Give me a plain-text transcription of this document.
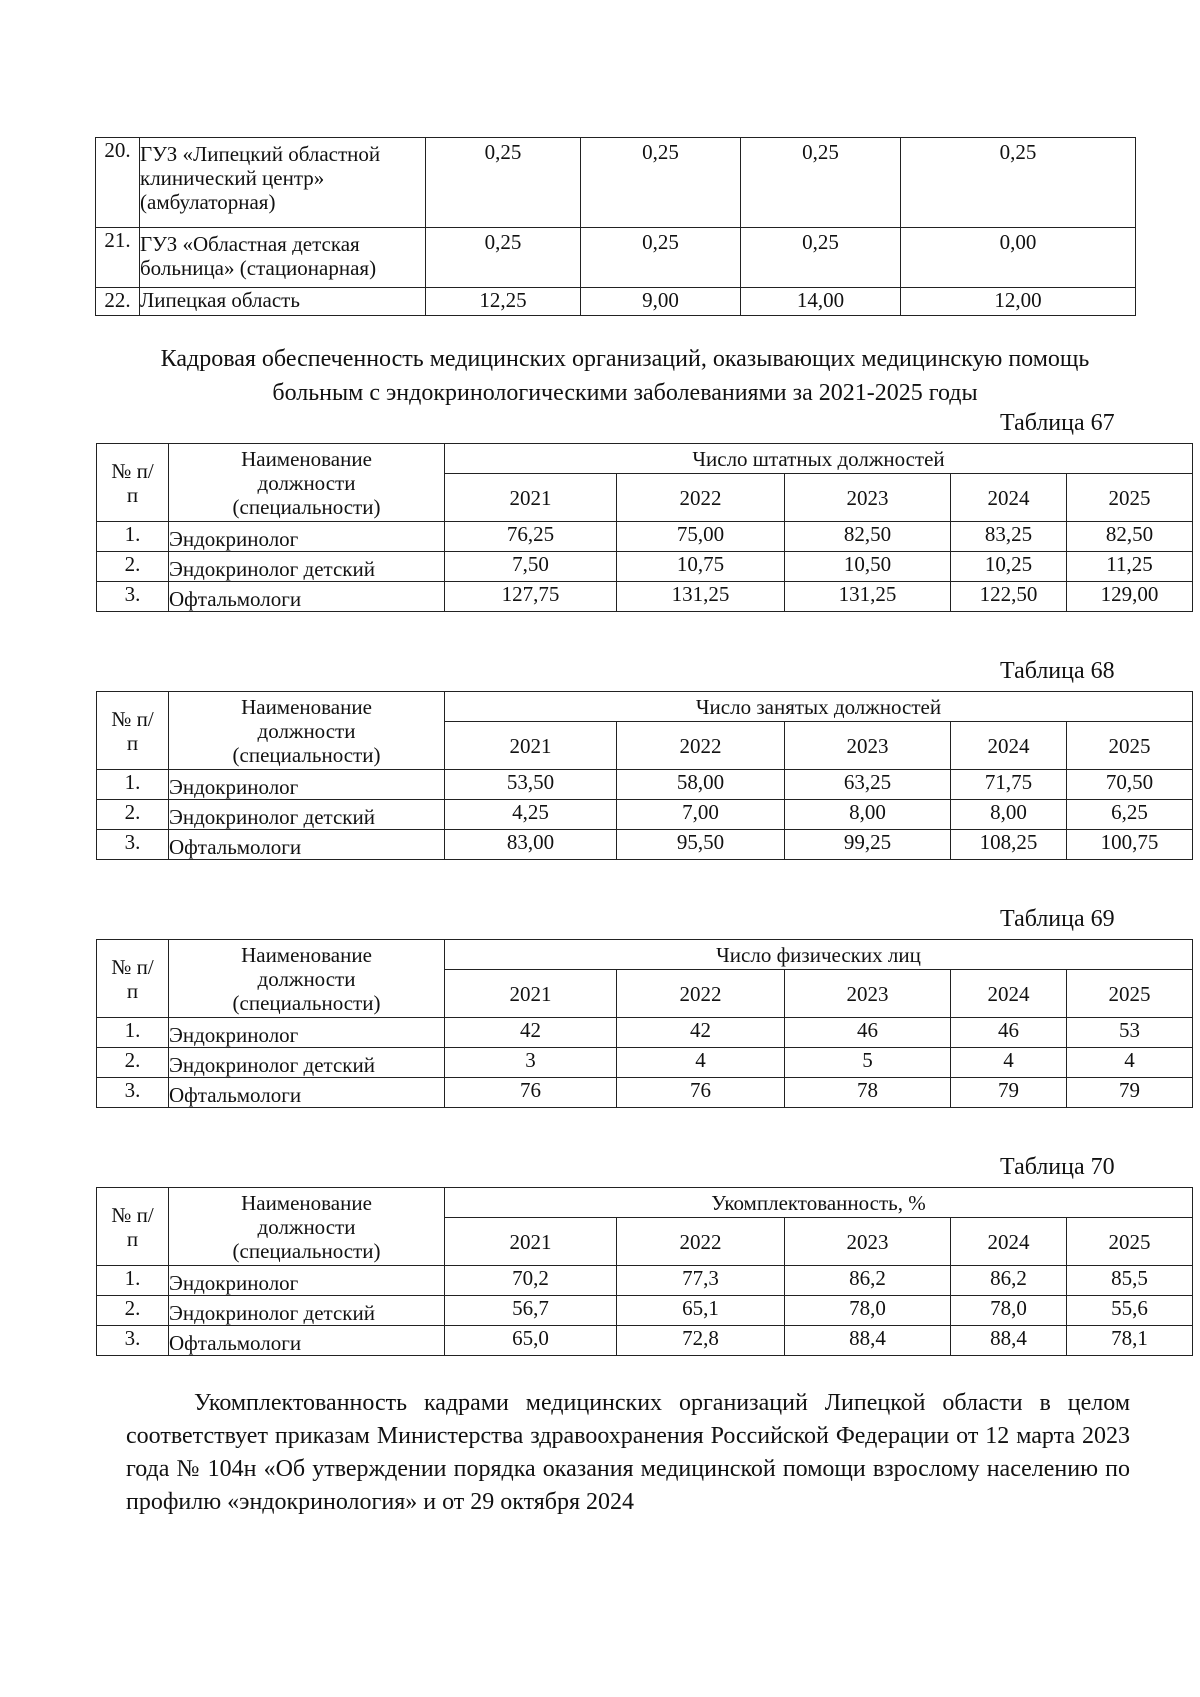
20.	ГУЗ «Липецкий областной клинический центр» (амбулаторная)	0,25	0,25	0,25	0,25
21.	ГУЗ «Областная детская больница» (стационарная)	0,25	0,25	0,25	0,00
22.	Липецкая область	12,25	9,00	14,00	12,00
Кадровая обеспеченность медицинских организаций, оказывающих медицинскую помощь больным с эндокринологическими заболеваниями за 2021-2025 годы
Таблица 67
№ п/п	Наименование должности (специальности)	Число штатных должностей				
		2021	2022	2023	2024	2025
1.	Эндокринолог	76,25	75,00	82,50	83,25	82,50
2.	Эндокринолог детский	7,50	10,75	10,50	10,25	11,25
3.	Офтальмологи	127,75	131,25	131,25	122,50	129,00
Таблица 68
№ п/п	Наименование должности (специальности)	Число занятых должностей				
		2021	2022	2023	2024	2025
1.	Эндокринолог	53,50	58,00	63,25	71,75	70,50
2.	Эндокринолог детский	4,25	7,00	8,00	8,00	6,25
3.	Офтальмологи	83,00	95,50	99,25	108,25	100,75
Таблица 69
№ п/п	Наименование должности (специальности)	Число физических лиц				
		2021	2022	2023	2024	2025
1.	Эндокринолог	42	42	46	46	53
2.	Эндокринолог детский	3	4	5	4	4
3.	Офтальмологи	76	76	78	79	79
Таблица 70
№ п/п	Наименование должности (специальности)	Укомплектованность, %				
		2021	2022	2023	2024	2025
1.	Эндокринолог	70,2	77,3	86,2	86,2	85,5
2.	Эндокринолог детский	56,7	65,1	78,0	78,0	55,6
3.	Офтальмологи	65,0	72,8	88,4	88,4	78,1
Укомплектованность кадрами медицинских организаций Липецкой области в целом соответствует приказам Министерства здравоохранения Российской Федерации от 12 марта 2023 года № 104н «Об утверждении порядка оказания медицинской помощи взрослому населению по профилю «эндокринология» и от 29 октября 2024
